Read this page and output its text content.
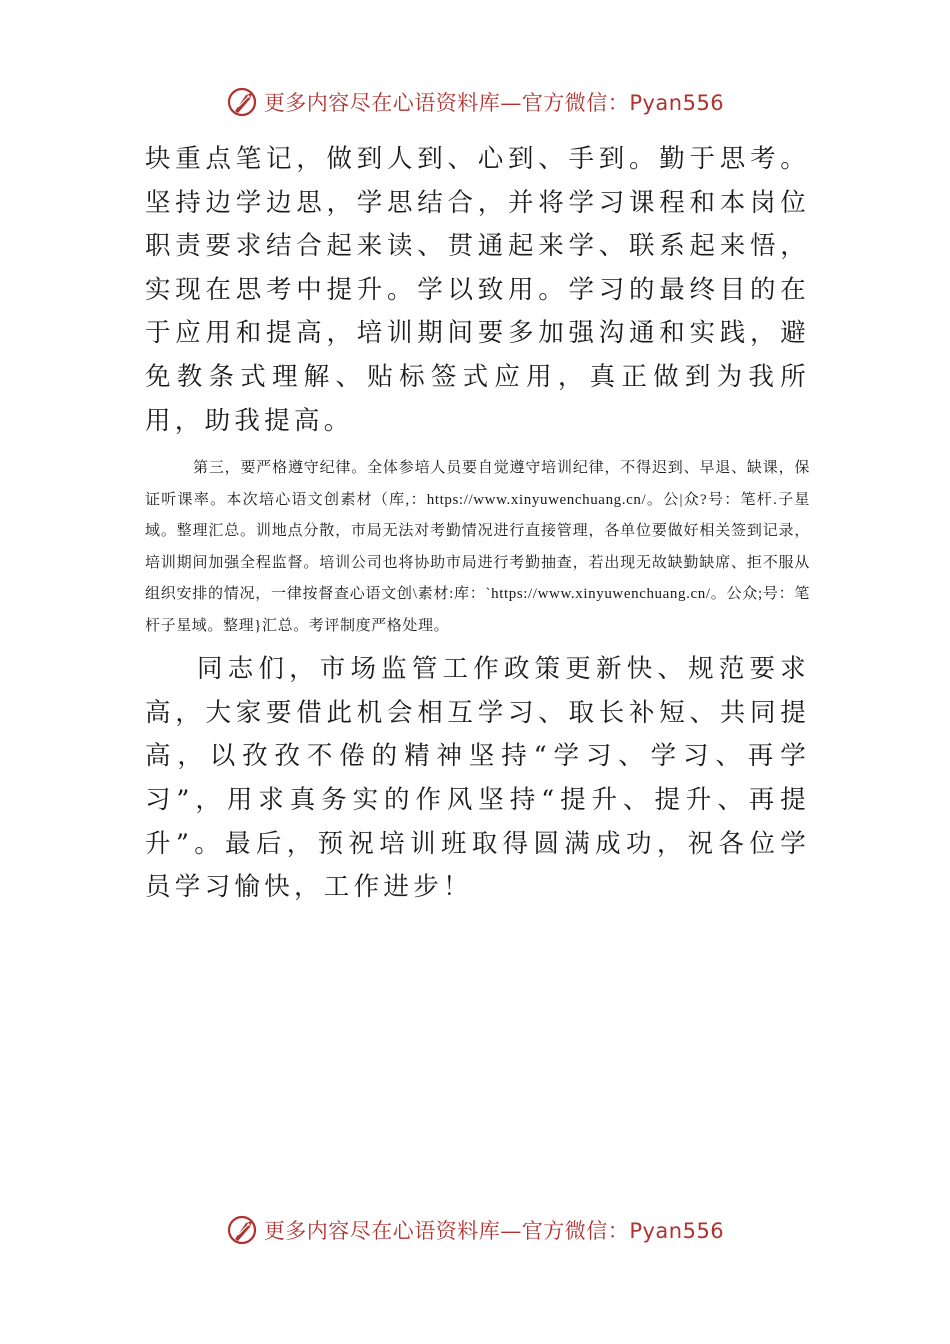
更多内容尽在心语资料库—官方微信：Pyan556

块重点笔记，做到人到、心到、手到。勤于思考。坚持边学边思，学思结合，并将学习课程和本岗位职责要求结合起来读、贯通起来学、联系起来悟，实现在思考中提升。学以致用。学习的最终目的在于应用和提高，培训期间要多加强沟通和实践，避免教条式理解、贴标签式应用，真正做到为我所用，助我提高。

第三，要严格遵守纪律。全体参培人员要自觉遵守培训纪律，不得迟到、早退、缺课，保证听课率。本次培心语文创素材（库,：https://www.xinyuwenchuang.cn/。公|众?号：笔杆.子星域。整理汇总。训地点分散，市局无法对考勤情况进行直接管理，各单位要做好相关签到记录，培训期间加强全程监督。培训公司也将协助市局进行考勤抽查，若出现无故缺勤缺席、拒不服从组织安排的情况，一律按督查心语文创\素材:库：`https://www.xinyuwenchuang.cn/。公众;号：笔杆子星域。整理}汇总。考评制度严格处理。

同志们，市场监管工作政策更新快、规范要求高，大家要借此机会相互学习、取长补短、共同提高，以孜孜不倦的精神坚持“学习、学习、再学习”，用求真务实的作风坚持“提升、提升、再提升”。最后，预祝培训班取得圆满成功，祝各位学员学习愉快，工作进步！

更多内容尽在心语资料库—官方微信：Pyan556
